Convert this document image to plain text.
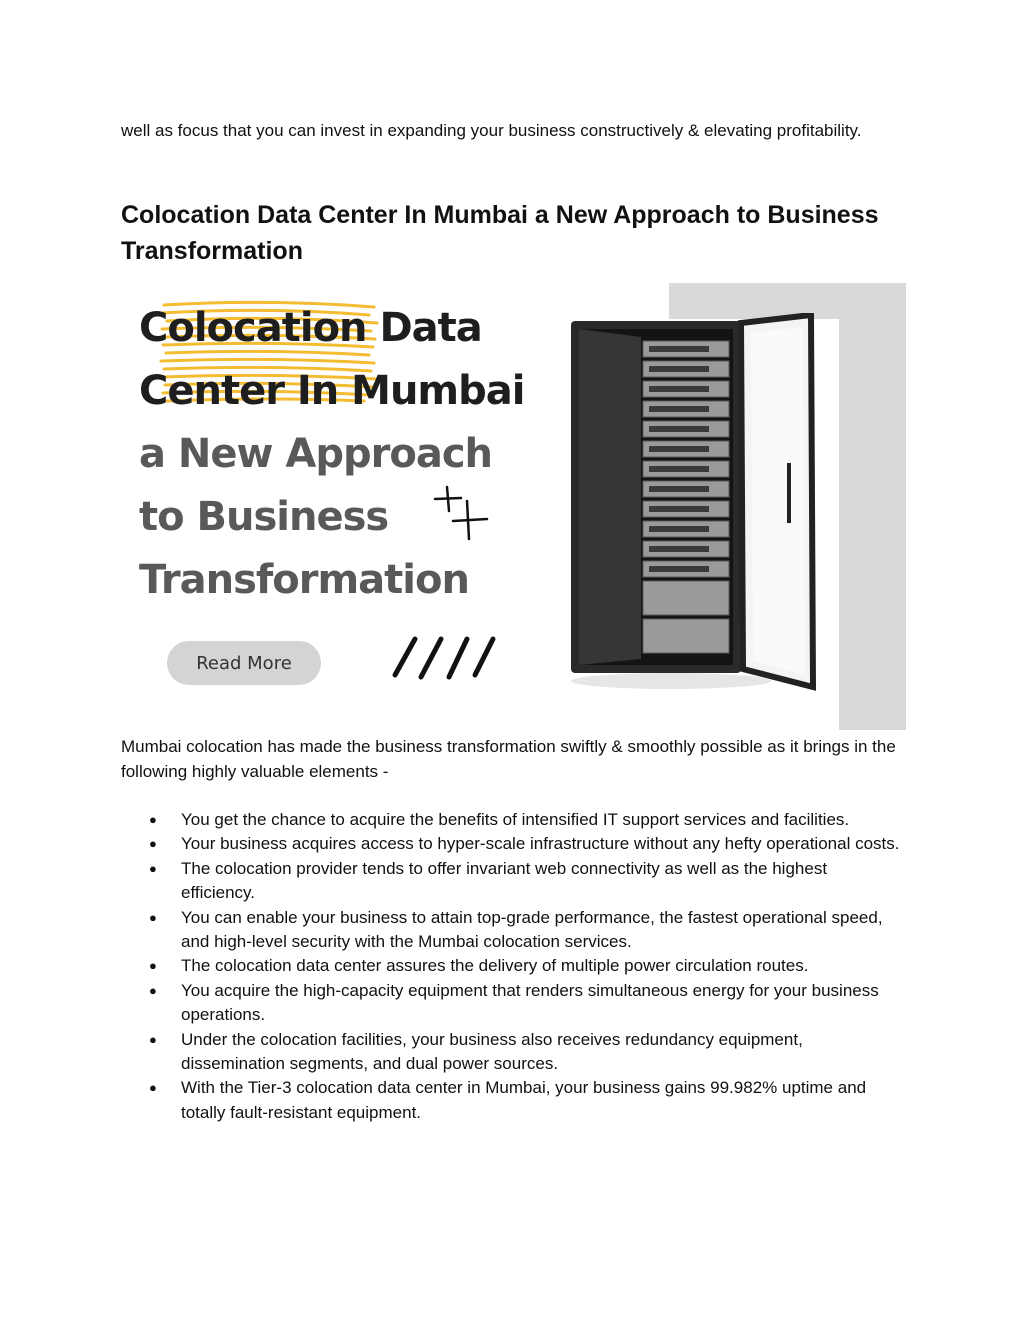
well as focus that you can invest in expanding your business constructively & elevating profitability.

Colocation Data Center In Mumbai a New Approach to Business Transformation
Colocation Data
Center In Mumbai
a New Approach
to Business
Transformation
Read More

Mumbai colocation has made the business transformation swiftly & smoothly possible as it brings in the following highly valuable elements -

● You get the chance to acquire the benefits of intensified IT support services and facilities.
● Your business acquires access to hyper-scale infrastructure without any hefty operational costs.
● The colocation provider tends to offer invariant web connectivity as well as the highest efficiency.
● You can enable your business to attain top-grade performance, the fastest operational speed, and high-level security with the Mumbai colocation services.
● The colocation data center assures the delivery of multiple power circulation routes.
● You acquire the high-capacity equipment that renders simultaneous energy for your business operations.
● Under the colocation facilities, your business also receives redundancy equipment, dissemination segments, and dual power sources.
● With the Tier-3 colocation data center in Mumbai, your business gains 99.982% uptime and totally fault-resistant equipment.
